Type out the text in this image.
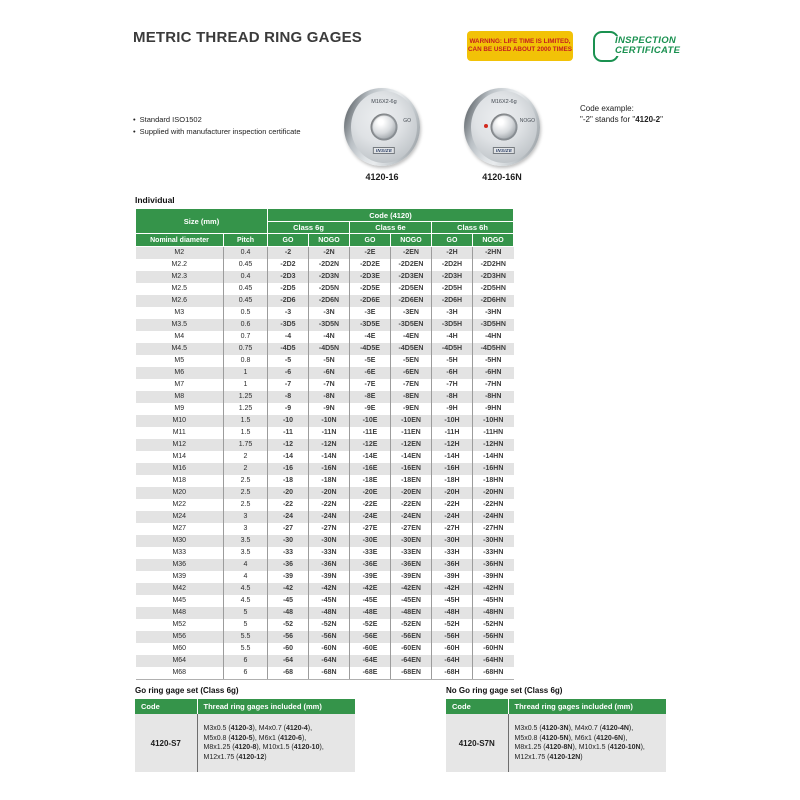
METRIC THREAD RING GAGES	WARNING: LIFE TIME IS LIMITED,
CAN BE USED ABOUT 2000 TIMES
INSPECTION
CERTIFICATE
• Standard ISO1502
• Supplied with manufacturer inspection certificate
M16X2-6g
GO
INSIZE
4120-16
M16X2-6g
NOGO
INSIZE
4120-16N
Code example:
"-2" stands for "4120-2"
Individual
Size (mm)		Code (4120)					
		Class 6g		Class 6e		Class 6h	
Nominal diameter	Pitch	GO	NOGO	GO	NOGO	GO	NOGO
M2	0.4	-2	-2N	-2E	-2EN	-2H	-2HN
M2.2	0.45	-2D2	-2D2N	-2D2E	-2D2EN	-2D2H	-2D2HN
M2.3	0.4	-2D3	-2D3N	-2D3E	-2D3EN	-2D3H	-2D3HN
M2.5	0.45	-2D5	-2D5N	-2D5E	-2D5EN	-2D5H	-2D5HN
M2.6	0.45	-2D6	-2D6N	-2D6E	-2D6EN	-2D6H	-2D6HN
M3	0.5	-3	-3N	-3E	-3EN	-3H	-3HN
M3.5	0.6	-3D5	-3D5N	-3D5E	-3D5EN	-3D5H	-3D5HN
M4	0.7	-4	-4N	-4E	-4EN	-4H	-4HN
M4.5	0.75	-4D5	-4D5N	-4D5E	-4D5EN	-4D5H	-4D5HN
M5	0.8	-5	-5N	-5E	-5EN	-5H	-5HN
M6	1	-6	-6N	-6E	-6EN	-6H	-6HN
M7	1	-7	-7N	-7E	-7EN	-7H	-7HN
M8	1.25	-8	-8N	-8E	-8EN	-8H	-8HN
M9	1.25	-9	-9N	-9E	-9EN	-9H	-9HN
M10	1.5	-10	-10N	-10E	-10EN	-10H	-10HN
M11	1.5	-11	-11N	-11E	-11EN	-11H	-11HN
M12	1.75	-12	-12N	-12E	-12EN	-12H	-12HN
M14	2	-14	-14N	-14E	-14EN	-14H	-14HN
M16	2	-16	-16N	-16E	-16EN	-16H	-16HN
M18	2.5	-18	-18N	-18E	-18EN	-18H	-18HN
M20	2.5	-20	-20N	-20E	-20EN	-20H	-20HN
M22	2.5	-22	-22N	-22E	-22EN	-22H	-22HN
M24	3	-24	-24N	-24E	-24EN	-24H	-24HN
M27	3	-27	-27N	-27E	-27EN	-27H	-27HN
M30	3.5	-30	-30N	-30E	-30EN	-30H	-30HN
M33	3.5	-33	-33N	-33E	-33EN	-33H	-33HN
M36	4	-36	-36N	-36E	-36EN	-36H	-36HN
M39	4	-39	-39N	-39E	-39EN	-39H	-39HN
M42	4.5	-42	-42N	-42E	-42EN	-42H	-42HN
M45	4.5	-45	-45N	-45E	-45EN	-45H	-45HN
M48	5	-48	-48N	-48E	-48EN	-48H	-48HN
M52	5	-52	-52N	-52E	-52EN	-52H	-52HN
M56	5.5	-56	-56N	-56E	-56EN	-56H	-56HN
M60	5.5	-60	-60N	-60E	-60EN	-60H	-60HN
M64	6	-64	-64N	-64E	-64EN	-64H	-64HN
M68	6	-68	-68N	-68E	-68EN	-68H	-68HN
Go ring gage set (Class 6g)
Code	Thread ring gages included (mm)
4120-S7	M3x0.5 (4120-3), M4x0.7 (4120-4),
M5x0.8 (4120-5), M6x1 (4120-6),
M8x1.25 (4120-8), M10x1.5 (4120-10),
M12x1.75 (4120-12)
No Go ring gage set (Class 6g)
Code	Thread ring gages included (mm)
4120-S7N	M3x0.5 (4120-3N), M4x0.7 (4120-4N),
M5x0.8 (4120-5N), M6x1 (4120-6N),
M8x1.25 (4120-8N), M10x1.5 (4120-10N),
M12x1.75 (4120-12N)
